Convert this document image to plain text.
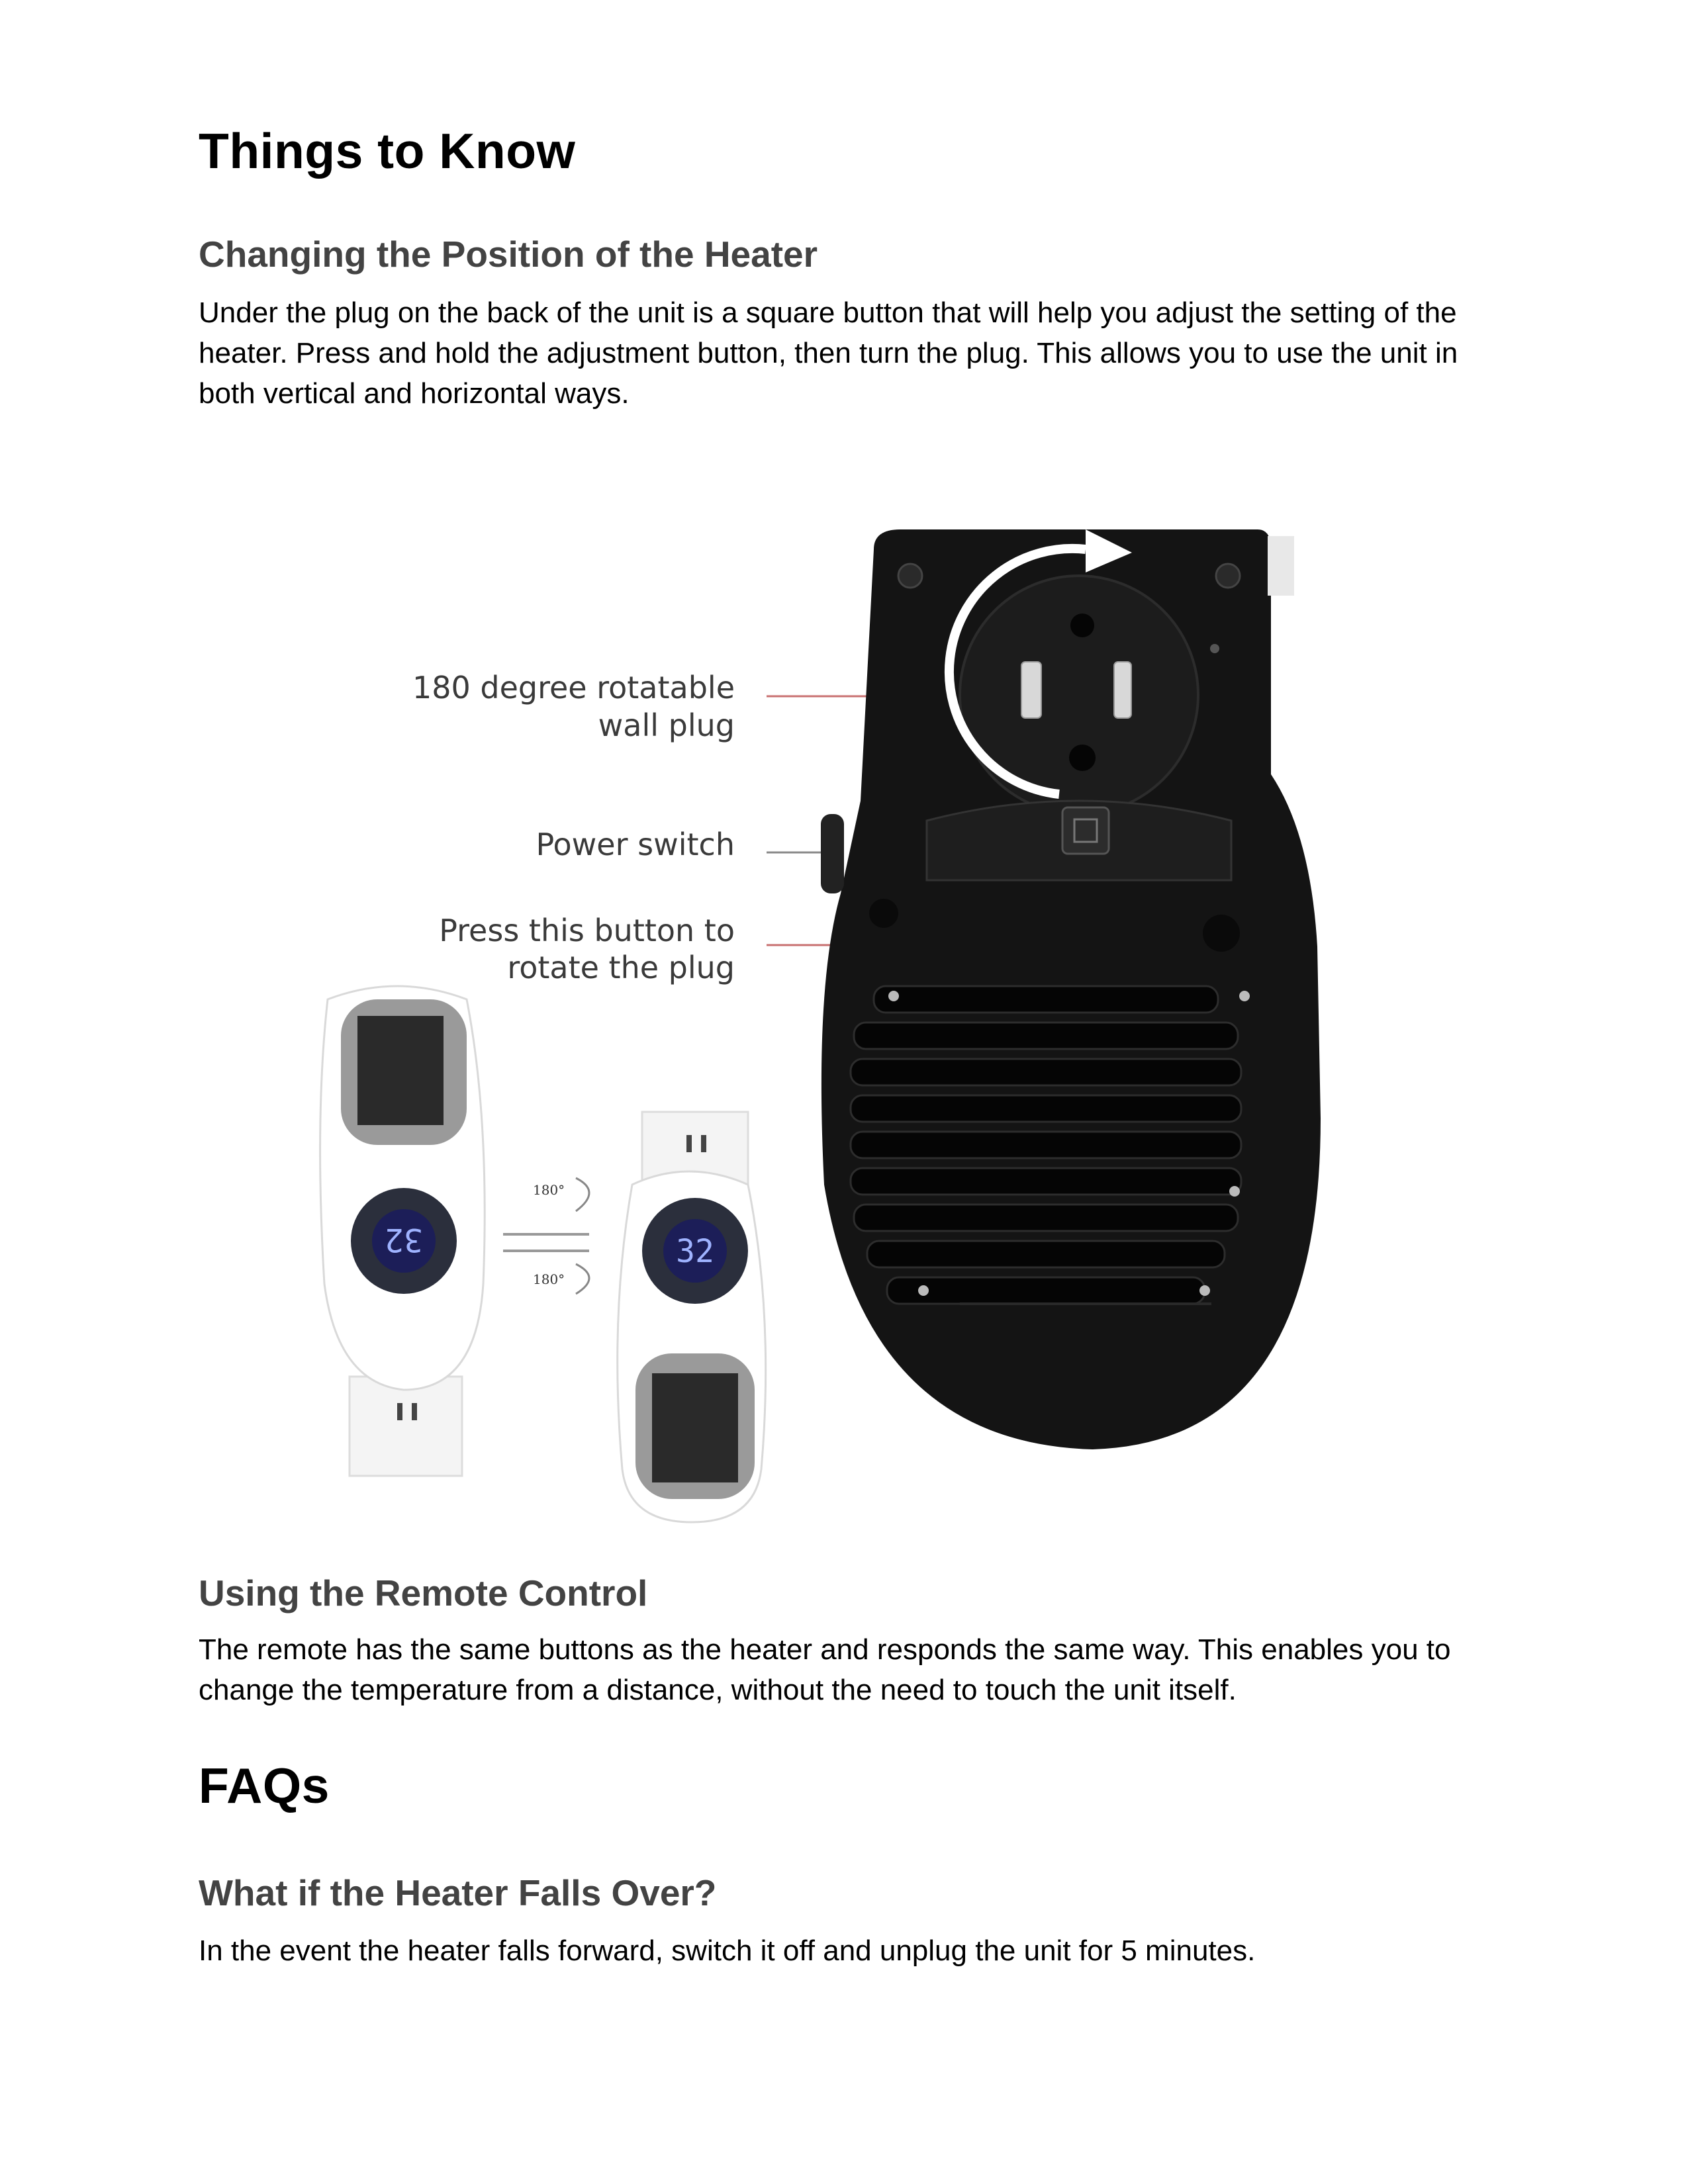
Things to Know
Changing the Position of the Heater

Under the plug on the back of the unit is a square button that will help you adjust the setting of the heater. Press and hold the adjustment button, then turn the plug. This allows you to use the unit in both vertical and horizontal ways.

Using the Remote Control

The remote has the same buttons as the heater and responds the same way. This enables you to change the temperature from a distance, without the need to touch the unit itself.

FAQs
What if the Heater Falls Over?

In the event the heater falls forward, switch it off and unplug the unit for 5 minutes.

180 degree rotatable
wall plug
Power switch
Press this button to
rotate the plug
32
180°
180°
32
